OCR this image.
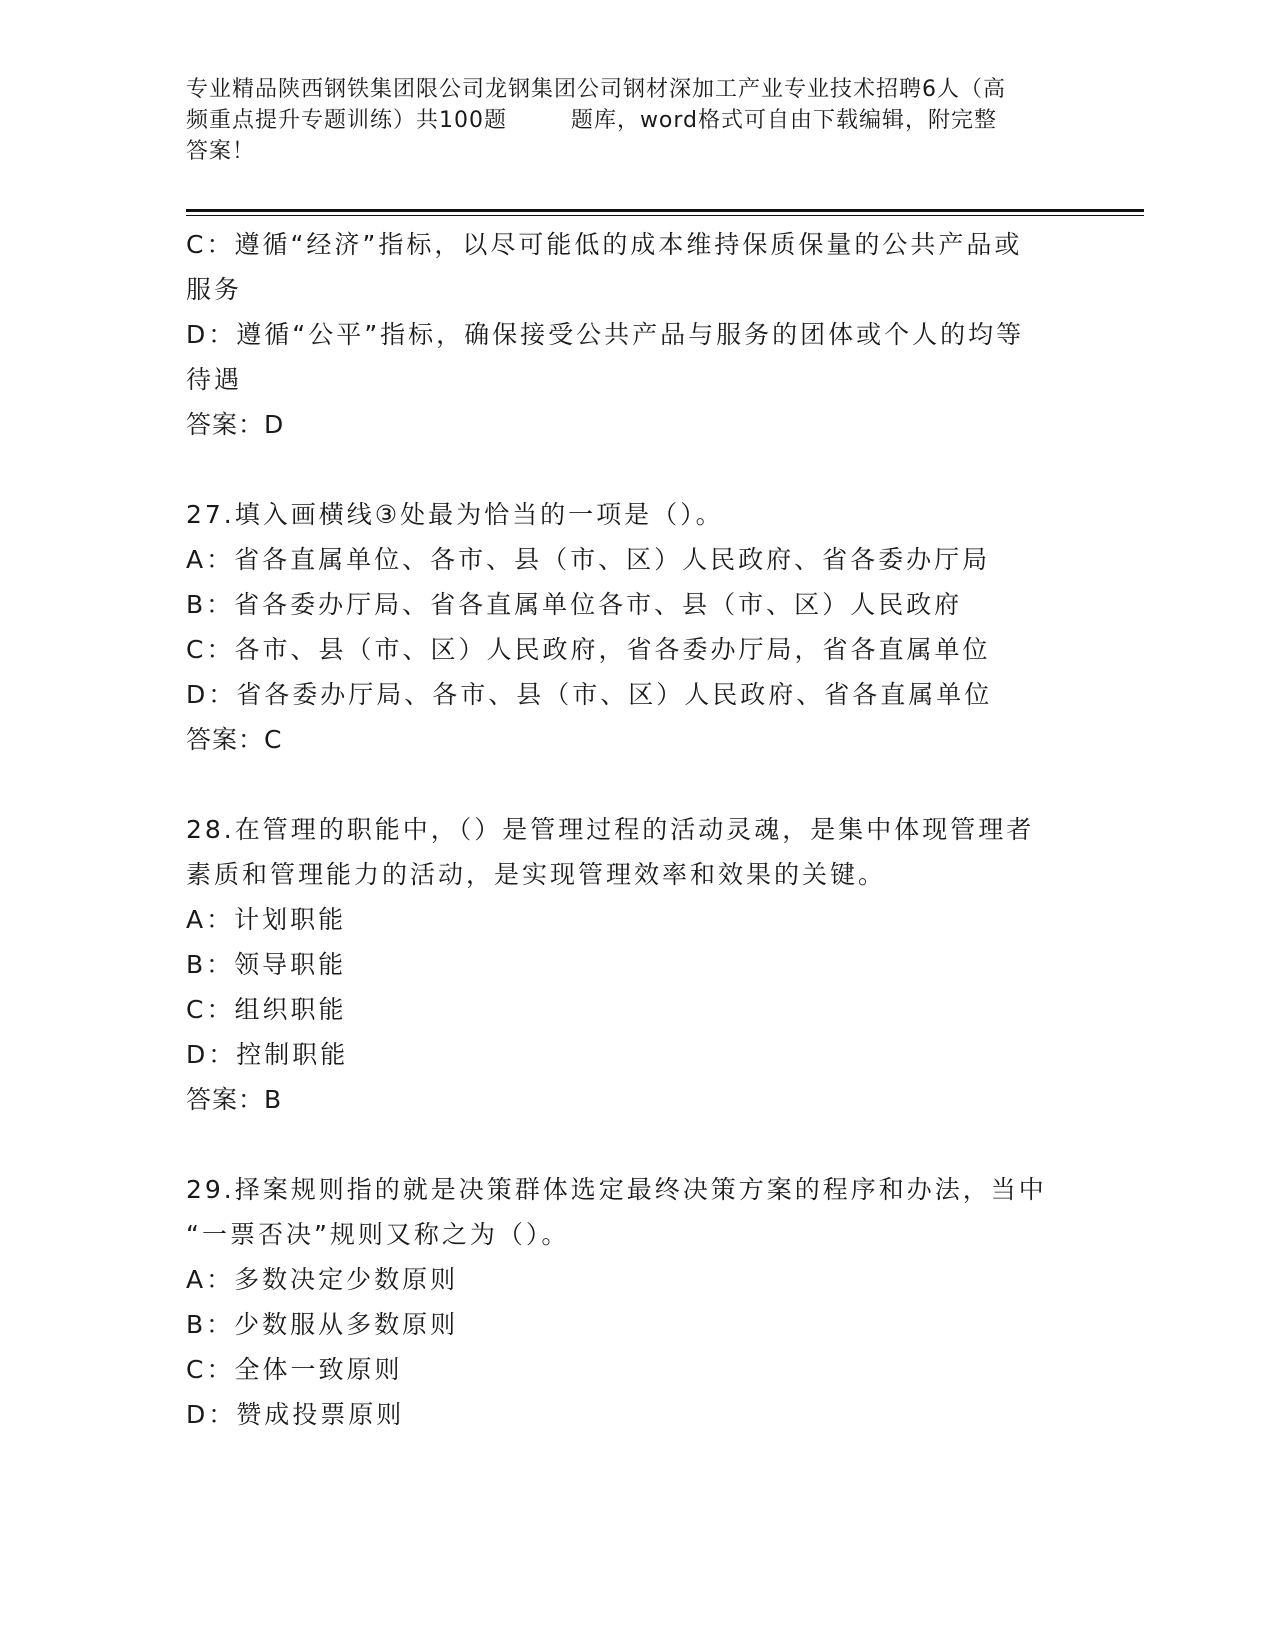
专业精品陕西钢铁集团限公司龙钢集团公司钢材深加工产业专业技术招聘6人（高
频重点提升专题训练）共100题        题库，word格式可自由下载编辑，附完整
答案！
C：遵循“经济”指标，以尽可能低的成本维持保质保量的公共产品或
服务
D：遵循“公平”指标，确保接受公共产品与服务的团体或个人的均等
待遇
答案：D
27.填入画横线③处最为恰当的一项是（）。
A：省各直属单位、各市、县（市、区）人民政府、省各委办厅局
B：省各委办厅局、省各直属单位各市、县（市、区）人民政府
C：各市、县（市、区）人民政府，省各委办厅局，省各直属单位
D：省各委办厅局、各市、县（市、区）人民政府、省各直属单位
答案：C
28.在管理的职能中，（）是管理过程的活动灵魂，是集中体现管理者
素质和管理能力的活动，是实现管理效率和效果的关键。
A：计划职能
B：领导职能
C：组织职能
D：控制职能
答案：B
29.择案规则指的就是决策群体选定最终决策方案的程序和办法，当中
“一票否决”规则又称之为（）。
A：多数决定少数原则
B：少数服从多数原则
C：全体一致原则
D：赞成投票原则
